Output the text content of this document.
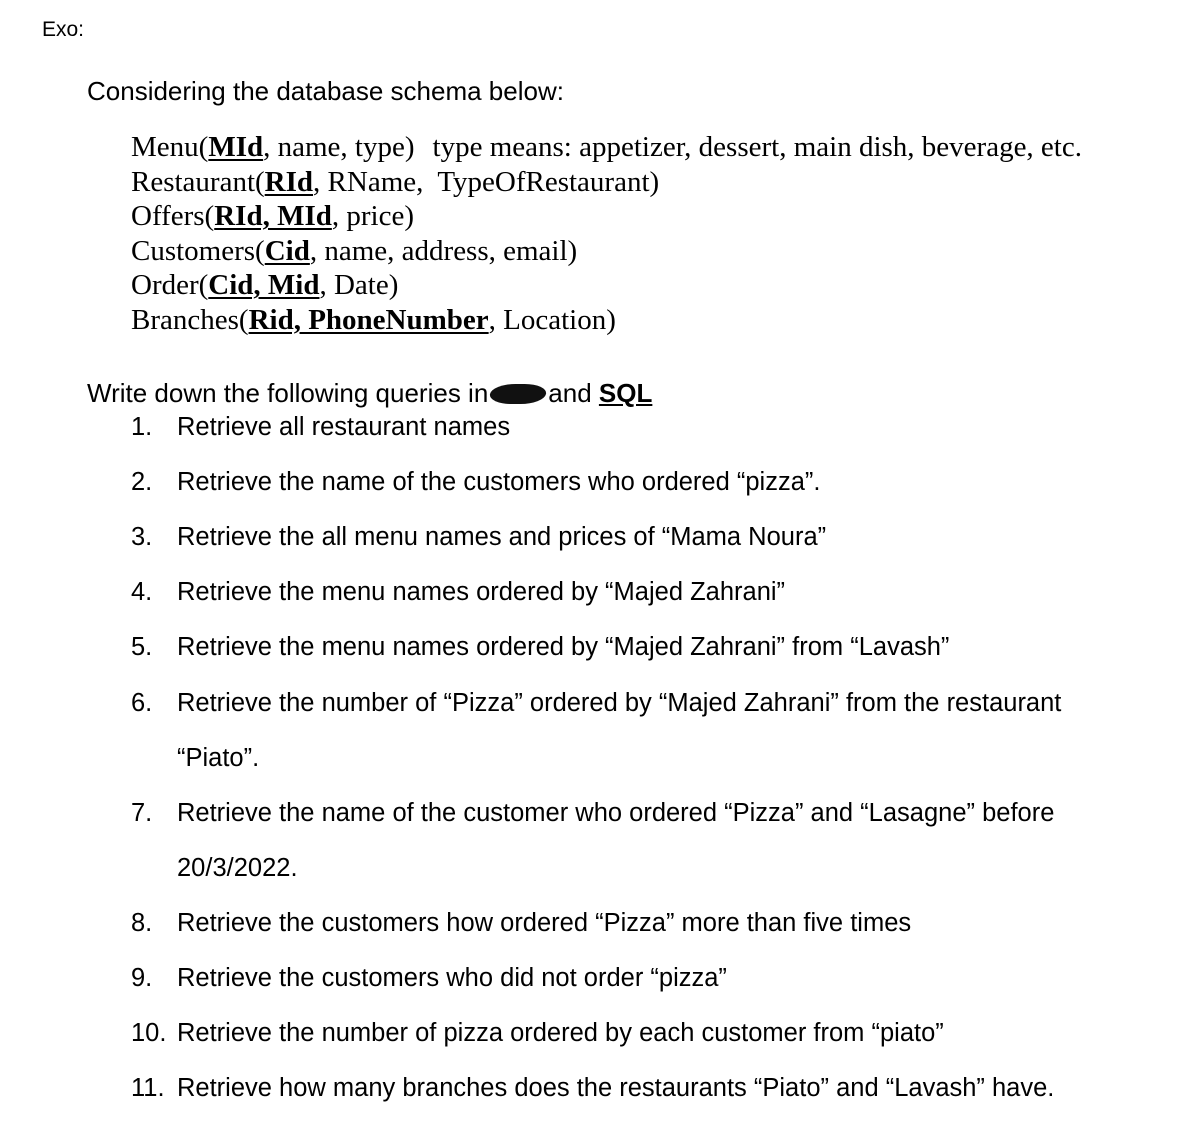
Exo:
Considering the database schema below:
Menu(MId, name, type) type means: appetizer, dessert, main dish, beverage, etc.
Restaurant(RId, RName,  TypeOfRestaurant)
Offers(RId, MId, price)
Customers(Cid, name, address, email)
Order(Cid, Mid, Date)
Branches(Rid, PhoneNumber, Location)
Write down the following queries in and SQL
1. Retrieve all restaurant names
2. Retrieve the name of the customers who ordered “pizza”.
3. Retrieve the all menu names and prices of “Mama Noura”
4. Retrieve the menu names ordered by “Majed Zahrani”
5. Retrieve the menu names ordered by “Majed Zahrani” from “Lavash”
6. Retrieve the number of “Pizza” ordered by “Majed Zahrani” from the restaurant
“Piato”.
7. Retrieve the name of the customer who ordered “Pizza” and “Lasagne” before
20/3/2022.
8. Retrieve the customers how ordered “Pizza” more than five times
9. Retrieve the customers who did not order “pizza”
10. Retrieve the number of pizza ordered by each customer from “piato”
11. Retrieve how many branches does the restaurants “Piato” and “Lavash” have.
